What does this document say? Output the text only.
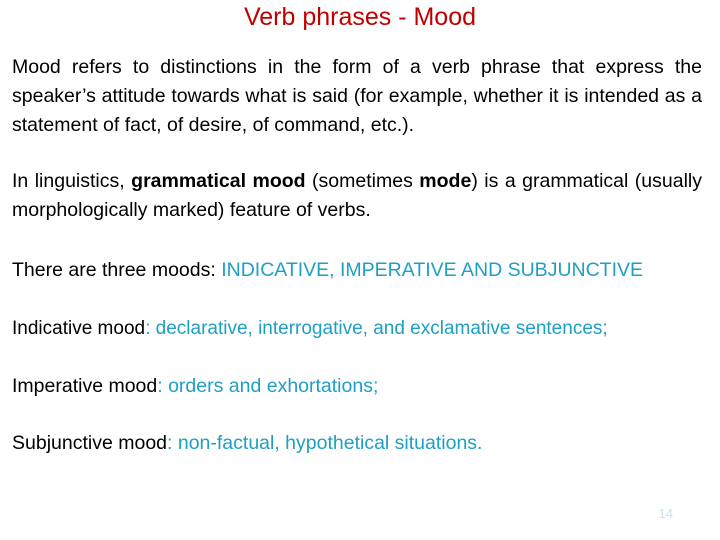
Verb phrases - Mood
Mood refers to distinctions in the form of a verb phrase that express the speaker’s attitude towards what is said (for example, whether it is intended as a statement of fact, of desire, of command, etc.).
In linguistics, grammatical mood (sometimes mode) is a grammatical (usually morphologically marked) feature of verbs.
There are three moods: INDICATIVE, IMPERATIVE AND SUBJUNCTIVE
Indicative mood: declarative, interrogative, and exclamative sentences;
Imperative mood: orders and exhortations;
Subjunctive mood: non-factual, hypothetical situations.
14
